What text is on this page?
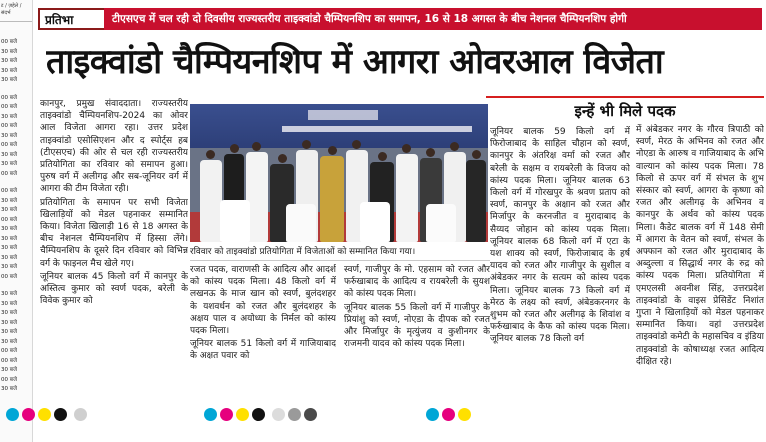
ट / ज़हेले / संदर्भ
00 बजे
30 बजे
30 बजे
30 बजे
30 बजे
00 बजे
00 बजे
30 बजे
00 बजे
30 बजे
00 बजे
30 बजे
30 बजे
00 बजे
00 बजे
30 बजे
30 बजे
00 बजे
30 बजे
30 बजे
30 बजे
30 बजे
30 बजे
00 बजे
30 बजे
30 बजे
30 बजे
30 बजे
30 बजे
30 बजे
00 बजे
00 बजे
30 बजे
00 बजे
30 बजे
प्रतिभा	टीएसएच में चल रही दो दिवसीय राज्यस्तरीय ताइक्वांडो चैम्पियनशिप का समापन, 16 से 18 अगस्त के बीच नेशनल चैम्पियनशिप होगी
ताइक्वांडो चैम्पियनशिप में आगरा ओवरआल विजेता

कानपुर, प्रमुख संवाददाता। राज्यस्तरीय ताइक्वांडो चैम्पियनशिप-2024 का ओवर आल विजेता आगरा रहा। उत्तर प्रदेश ताइक्वांडो एसोसिएशन और द स्पोर्ट्स हब (टीएसएच) की ओर से चल रही राज्यस्तरीय प्रतियोगिता का रविवार को समापन हुआ। पुरुष वर्ग में अलीगढ़ और सब-जूनियर वर्ग में आगरा की टीम विजेता रही।

प्रतियोगिता के समापन पर सभी विजेता खिलाड़ियों को मेडल पहनाकर सम्मानित किया। विजेता खिलाड़ी 16 से 18 अगस्त के बीच नेशनल चैम्पियनशिप में हिस्सा लेंगे। चैम्पियनशिप के दूसरे दिन रविवार को विभिन्न वर्ग के फाइनल मैच खेले गए।

जूनियर बालक 45 किलो वर्ग में कानपुर के अस्तित्व कुमार को स्वर्ण पदक, बरेली के विवेक कुमार को

रविवार को ताइक्वांडो प्रतियोगिता में विजेताओं को सम्मानित किया गया।

रजत पदक, वाराणसी के आदित्य और आदर्श को कांस्य पदक मिला। 48 किलो वर्ग में लखनऊ के माज खान को स्वर्ण, बुलंदशहर के यशवर्धन को रजत और बुलंदशहर के अक्षय पाल व अयोध्या के निर्मल को कांस्य पदक मिला।

जूनियर बालक 51 किलो वर्ग में गाजियाबाद के अक्षत पवार को

स्वर्ण, गाजीपुर के मो. एहसाम को रजत और फर्रुखाबाद के आदित्य व रायबरेली के सुयश को कांस्य पदक मिला।

जूनियर बालक 55 किलो वर्ग में गाजीपुर के प्रियांशु को स्वर्ण, नोएडा के दीपक को रजत और मिर्जापुर के मृत्युंजय व कुशीनगर के राजमनी यादव को कांस्य पदक मिला।

इन्हें भी मिले पदक

जूनियर बालक 59 किलो वर्ग में फिरोजाबाद के साहिल चौहान को स्वर्ण, कानपुर के अंतरिक्ष वर्मा को रजत और बरेली के सक्षम व रायबरेली के विजय को कांस्य पदक मिला। जूनियर बालक 63 किलो वर्ग में गोरखपुर के श्रवण प्रताप को स्वर्ण, कानपुर के अक्षान को रजत और मिर्जापुर के करनजीत व मुरादाबाद के सैय्यद जोहान को कांस्य पदक मिला। जूनियर बालक 68 किलो वर्ग में एटा के यश शाक्य को स्वर्ण, फिरोजाबाद के हर्ष यादव को रजत और गाजीपुर के सुशील व अंबेडकर नगर के सत्यम को कांस्य पदक मिला। जूनियर बालक 73 किलो वर्ग में मेरठ के लक्ष्य को स्वर्ण, अंबेडकरनगर के शुभम को रजत और अलीगढ़ के शिवांश व फर्रुखाबाद के कैफ को कांस्य पदक मिला। जूनियर बालक 78 किलो वर्ग

में अंबेडकर नगर के गौरव त्रिपाठी को स्वर्ण, मेरठ के अभिनव को रजत और नोएडा के आरुष व गाजियाबाद के अभि वाल्यान को कांस्य पदक मिला। 78 किलो से ऊपर वर्ग में संभल के शुभ संस्कार को स्वर्ण, आगरा के कृष्णा को रजत और अलीगढ़ के अभिनव व कानपुर के अर्थव को कांस्य पदक मिला। कैडेट बालक वर्ग में 148 सेमी में आगरा के वेतन को स्वर्ण, संभल के अफ्फान को रजत और मुरादाबाद के अब्दुल्ला व सिद्धार्थ नगर के रुद्र को कांस्य पदक मिला। प्रतियोगिता में एमएलसी अवनीश सिंह, उत्तरप्रदेश ताइक्वांडो के वाइस प्रेसिडेंट निशांत गुप्ता ने खिलाड़ियों को मेडल पहनाकर सम्मानित किया। वहां उत्तरप्रदेश ताइक्वांडो कमेटी के महासचिव व इंडिया ताइक्वांडो के कोषाध्यक्ष रजत आदित्य दीक्षित रहे।
